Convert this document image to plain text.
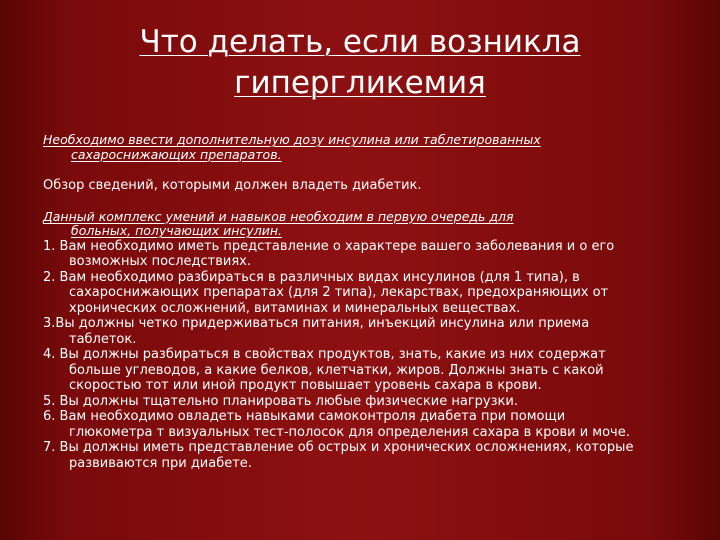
Что делать, если возникла
гипергликемия

Необходимо ввести дополнительную дозу инсулина или таблетированных
сахароснижающих препаратов.

Обзор сведений, которыми должен владеть диабетик.

Данный комплекс умений и навыков необходим в первую очередь для
больных, получающих инсулин.

1. Вам необходимо иметь представление о характере вашего заболевания и о его
возможных последствиях.

2. Вам необходимо разбираться в различных видах инсулинов (для 1 типа), в
сахароснижающих препаратах (для 2 типа), лекарствах, предохраняющих от
хронических осложнений, витаминах и минеральных веществах.

3.Вы должны четко придерживаться питания, инъекций инсулина или приема
таблеток.

4. Вы должны разбираться в свойствах продуктов, знать, какие из них содержат
больше углеводов, а какие белков, клетчатки, жиров. Должны знать с какой
скоростью тот или иной продукт повышает уровень сахара в крови.

5. Вы должны тщательно планировать любые физические нагрузки.

6. Вам необходимо овладеть навыками самоконтроля диабета при помощи
глюкометра т визуальных тест-полосок для определения сахара в крови и моче.

7. Вы должны иметь представление об острых и хронических осложнениях, которые
развиваются при диабете.
